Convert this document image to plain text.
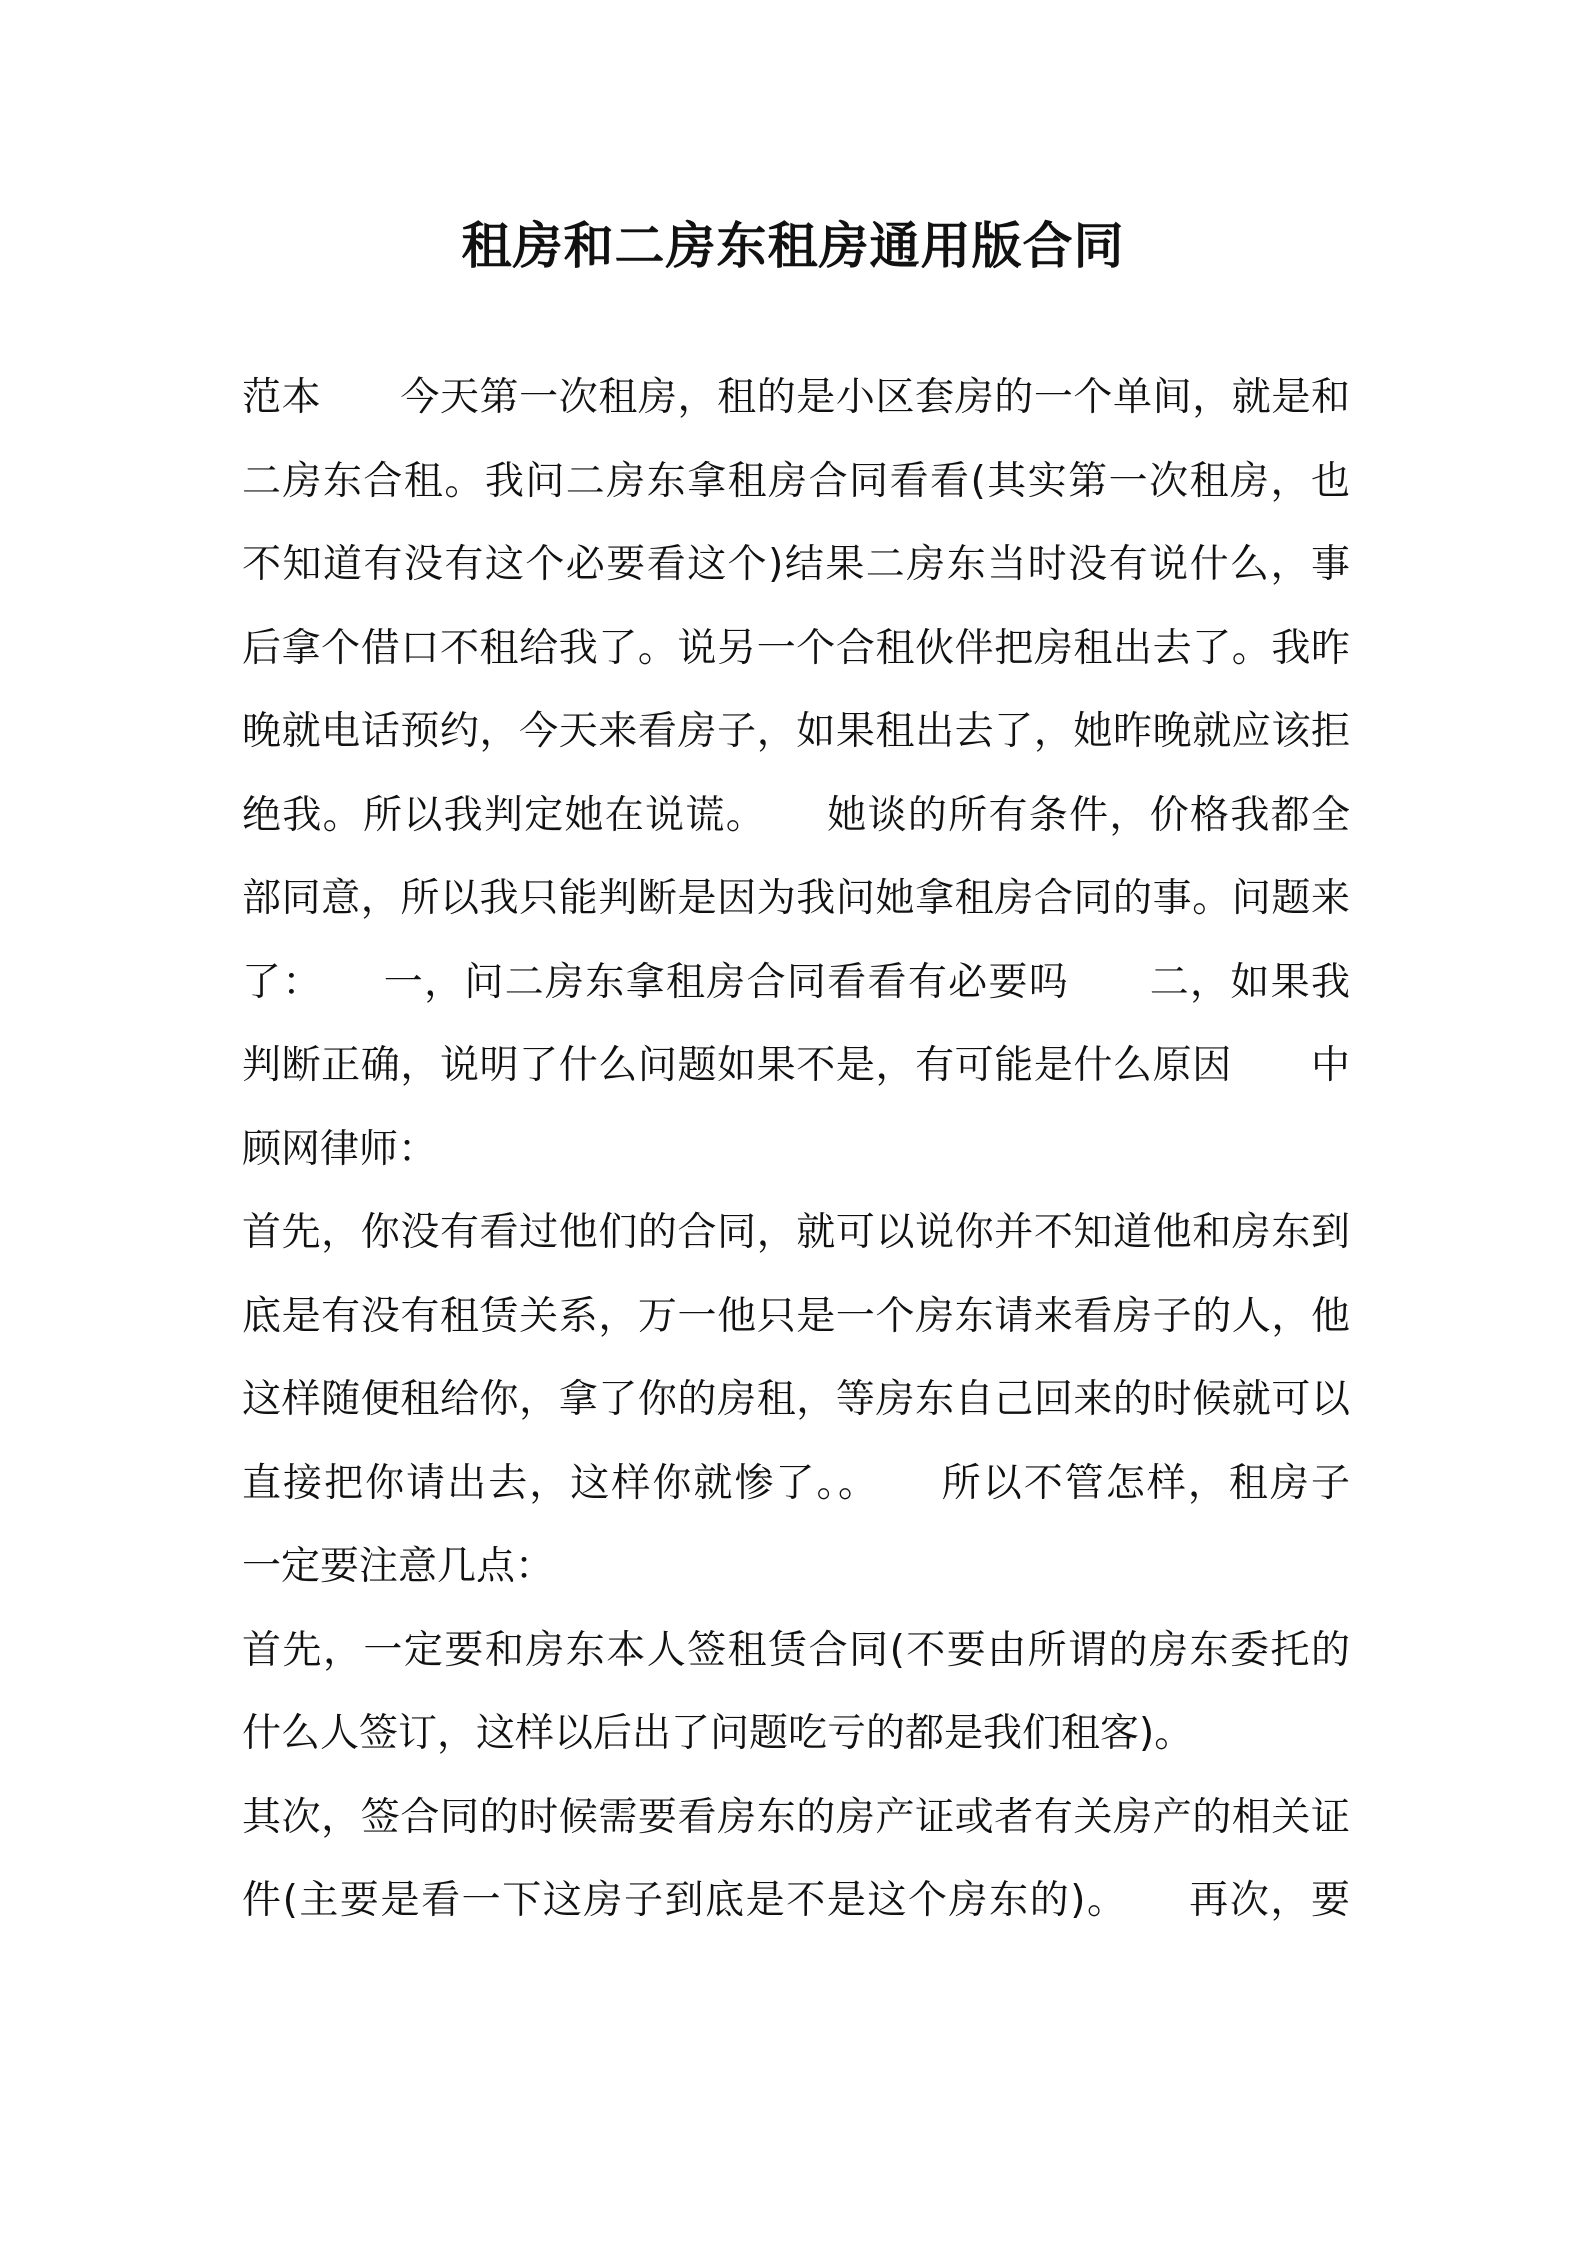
租房和二房东租房通用版合同
范本　　今天第一次租房，租的是小区套房的一个单间，就是和
二房东合租。我问二房东拿租房合同看看(其实第一次租房，也
不知道有没有这个必要看这个)结果二房东当时没有说什么，事
后拿个借口不租给我了。说另一个合租伙伴把房租出去了。我昨
晚就电话预约，今天来看房子，如果租出去了，她昨晚就应该拒
绝我。所以我判定她在说谎。　　她谈的所有条件，价格我都全
部同意，所以我只能判断是因为我问她拿租房合同的事。问题来
了：　　一，问二房东拿租房合同看看有必要吗　　二，如果我
判断正确，说明了什么问题如果不是，有可能是什么原因　　中
顾网律师：
首先，你没有看过他们的合同，就可以说你并不知道他和房东到
底是有没有租赁关系，万一他只是一个房东请来看房子的人，他
这样随便租给你，拿了你的房租，等房东自己回来的时候就可以
直接把你请出去，这样你就惨了。。　　所以不管怎样，租房子
一定要注意几点：
首先，一定要和房东本人签租赁合同(不要由所谓的房东委托的
什么人签订，这样以后出了问题吃亏的都是我们租客)。
其次，签合同的时候需要看房东的房产证或者有关房产的相关证
件(主要是看一下这房子到底是不是这个房东的)。　　再次，要
